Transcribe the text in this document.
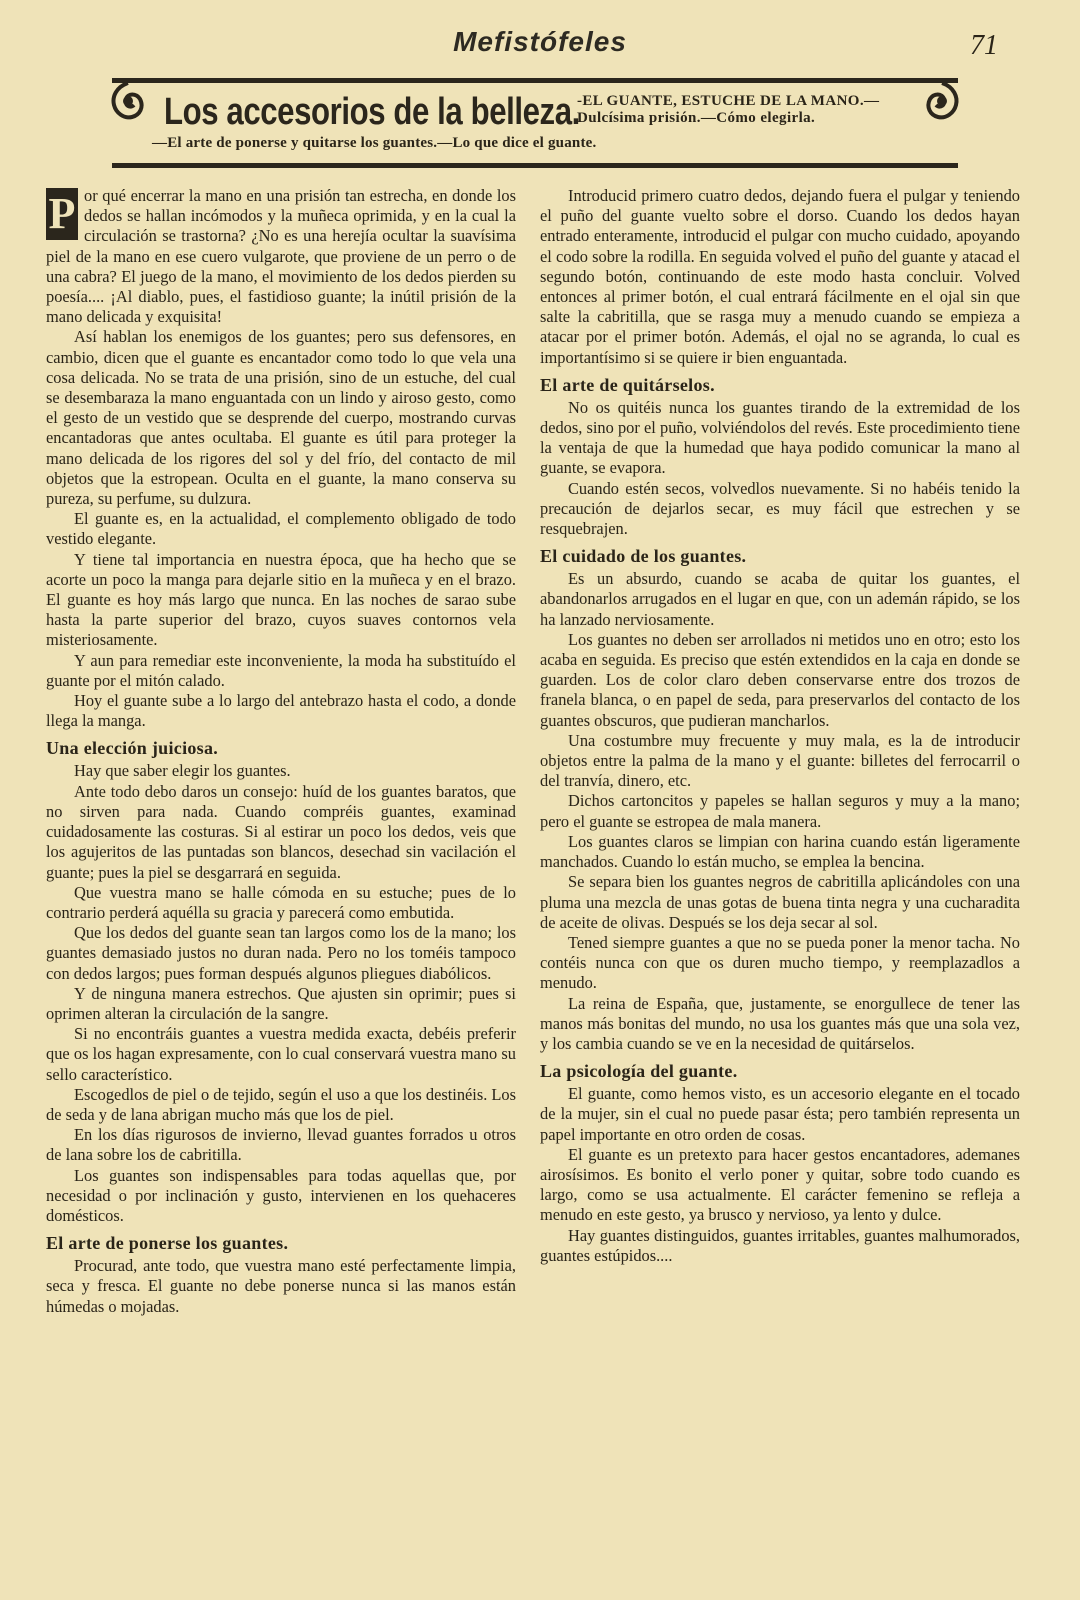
Mefistófeles	71
Los accesorios de la belleza.
-EL GUANTE, ESTUCHE DE LA MANO.—Dulcísima prisión.—Cómo elegirla.
—El arte de ponerse y quitarse los guantes.—Lo que dice el guante.

P or qué encerrar la mano en una prisión tan estrecha, en donde los dedos se hallan incómodos y la muñeca oprimida, y en la cual la circulación se trastorna? ¿No es una herejía ocultar la suavísima piel de la mano en ese cuero vulgarote, que proviene de un perro o de una cabra? El juego de la mano, el movimiento de los dedos pierden su poesía.... ¡Al diablo, pues, el fastidioso guante; la inútil prisión de la mano delicada y exquisita!

Así hablan los enemigos de los guantes; pero sus defensores, en cambio, dicen que el guante es encantador como todo lo que vela una cosa delicada. No se trata de una prisión, sino de un estuche, del cual se desembaraza la mano enguantada con un lindo y airoso gesto, como el gesto de un vestido que se desprende del cuerpo, mostrando curvas encantadoras que antes ocultaba. El guante es útil para proteger la mano delicada de los rigores del sol y del frío, del contacto de mil objetos que la estropean. Oculta en el guante, la mano conserva su pureza, su perfume, su dulzura.

El guante es, en la actualidad, el complemento obligado de todo vestido elegante.

Y tiene tal importancia en nuestra época, que ha hecho que se acorte un poco la manga para dejarle sitio en la muñeca y en el brazo. El guante es hoy más largo que nunca. En las noches de sarao sube hasta la parte superior del brazo, cuyos suaves contornos vela misteriosamente.

Y aun para remediar este inconveniente, la moda ha substituído el guante por el mitón calado.

Hoy el guante sube a lo largo del antebrazo hasta el codo, a donde llega la manga.

Una elección juiciosa.

Hay que saber elegir los guantes.

Ante todo debo daros un consejo: huíd de los guantes baratos, que no sirven para nada. Cuando compréis guantes, examinad cuidadosamente las costuras. Si al estirar un poco los dedos, veis que los agujeritos de las puntadas son blancos, desechad sin vacilación el guante; pues la piel se desgarrará en seguida.

Que vuestra mano se halle cómoda en su estuche; pues de lo contrario perderá aquélla su gracia y parecerá como embutida.

Que los dedos del guante sean tan largos como los de la mano; los guantes demasiado justos no duran nada. Pero no los toméis tampoco con dedos largos; pues forman después algunos pliegues diabólicos.

Y de ninguna manera estrechos. Que ajusten sin oprimir; pues si oprimen alteran la circulación de la sangre.

Si no encontráis guantes a vuestra medida exacta, debéis preferir que os los hagan expresamente, con lo cual conservará vuestra mano su sello característico.

Escogedlos de piel o de tejido, según el uso a que los destinéis. Los de seda y de lana abrigan mucho más que los de piel.

En los días rigurosos de invierno, llevad guantes forrados u otros de lana sobre los de cabritilla.

Los guantes son indispensables para todas aquellas que, por necesidad o por inclinación y gusto, intervienen en los quehaceres domésticos.

El arte de ponerse los guantes.

Procurad, ante todo, que vuestra mano esté perfectamente limpia, seca y fresca. El guante no debe ponerse nunca si las manos están húmedas o mojadas.

Introducid primero cuatro dedos, dejando fuera el pulgar y teniendo el puño del guante vuelto sobre el dorso. Cuando los dedos hayan entrado enteramente, introducid el pulgar con mucho cuidado, apoyando el codo sobre la rodilla. En seguida volved el puño del guante y atacad el segundo botón, continuando de este modo hasta concluir. Volved entonces al primer botón, el cual entrará fácilmente en el ojal sin que salte la cabritilla, que se rasga muy a menudo cuando se empieza a atacar por el primer botón. Además, el ojal no se agranda, lo cual es importantísimo si se quiere ir bien enguantada.

El arte de quitárselos.

No os quitéis nunca los guantes tirando de la extremidad de los dedos, sino por el puño, volviéndolos del revés. Este procedimiento tiene la ventaja de que la humedad que haya podido comunicar la mano al guante, se evapora.

Cuando estén secos, volvedlos nuevamente. Si no habéis tenido la precaución de dejarlos secar, es muy fácil que estrechen y se resquebrajen.

El cuidado de los guantes.

Es un absurdo, cuando se acaba de quitar los guantes, el abandonarlos arrugados en el lugar en que, con un ademán rápido, se los ha lanzado nerviosamente.

Los guantes no deben ser arrollados ni metidos uno en otro; esto los acaba en seguida. Es preciso que estén extendidos en la caja en donde se guarden. Los de color claro deben conservarse entre dos trozos de franela blanca, o en papel de seda, para preservarlos del contacto de los guantes obscuros, que pudieran mancharlos.

Una costumbre muy frecuente y muy mala, es la de introducir objetos entre la palma de la mano y el guante: billetes del ferrocarril o del tranvía, dinero, etc.

Dichos cartoncitos y papeles se hallan seguros y muy a la mano; pero el guante se estropea de mala manera.

Los guantes claros se limpian con harina cuando están ligeramente manchados. Cuando lo están mucho, se emplea la bencina.

Se separa bien los guantes negros de cabritilla aplicándoles con una pluma una mezcla de unas gotas de buena tinta negra y una cucharadita de aceite de olivas. Después se los deja secar al sol.

Tened siempre guantes a que no se pueda poner la menor tacha. No contéis nunca con que os duren mucho tiempo, y reemplazadlos a menudo.

La reina de España, que, justamente, se enorgullece de tener las manos más bonitas del mundo, no usa los guantes más que una sola vez, y los cambia cuando se ve en la necesidad de quitárselos.

La psicología del guante.

El guante, como hemos visto, es un accesorio elegante en el tocado de la mujer, sin el cual no puede pasar ésta; pero también representa un papel importante en otro orden de cosas.

El guante es un pretexto para hacer gestos encantadores, ademanes airosísimos. Es bonito el verlo poner y quitar, sobre todo cuando es largo, como se usa actualmente. El carácter femenino se refleja a menudo en este gesto, ya brusco y nervioso, ya lento y dulce.

Hay guantes distinguidos, guantes irritables, guantes malhumorados, guantes estúpidos....
